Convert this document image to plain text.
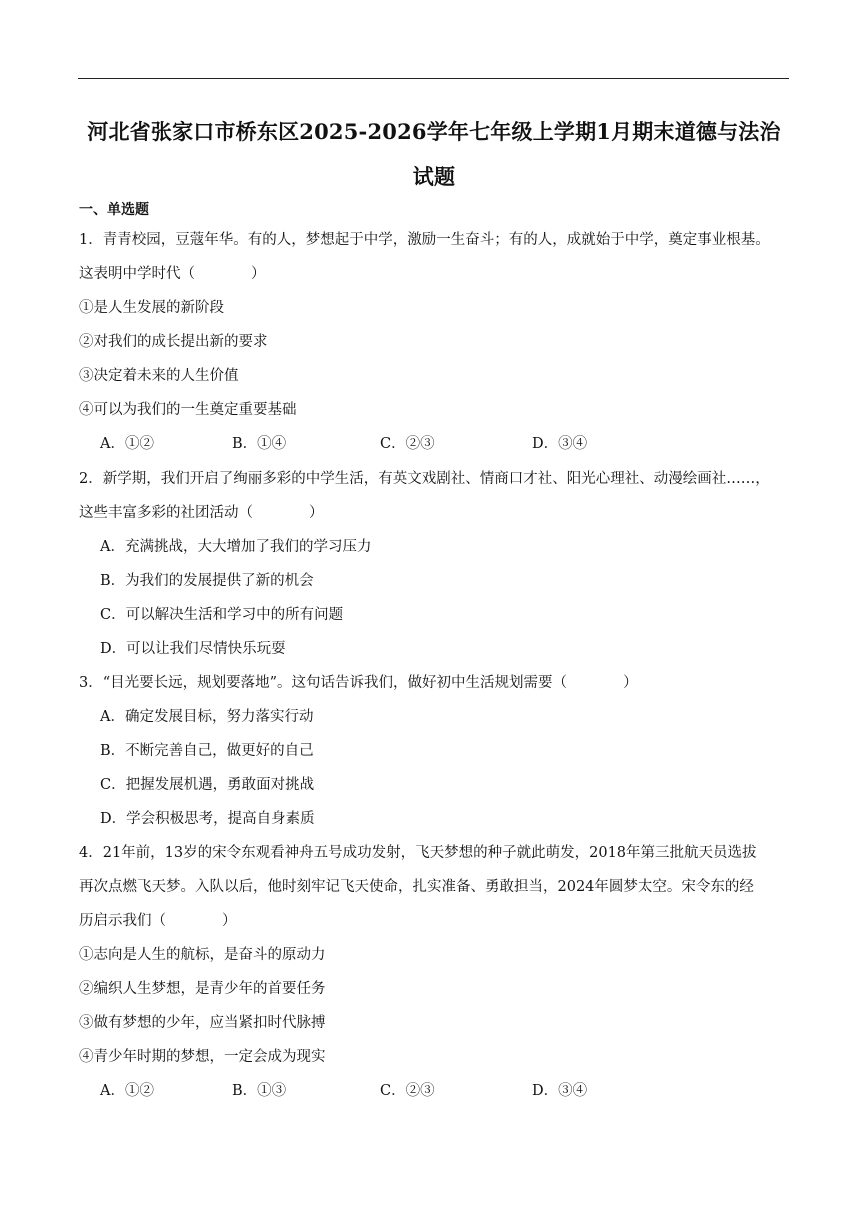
河北省张家口市桥东区2025-2026学年七年级上学期1月期末道德与法治
试题
一、单选题
1．青青校园，豆蔻年华。有的人，梦想起于中学，激励一生奋斗；有的人，成就始于中学，奠定事业根基。
这表明中学时代（	）
①是人生发展的新阶段
②对我们的成长提出新的要求
③决定着未来的人生价值
④可以为我们的一生奠定重要基础
A．①②	B．①④	C．②③	D．③④
2．新学期，我们开启了绚丽多彩的中学生活，有英文戏剧社、情商口才社、阳光心理社、动漫绘画社……，
这些丰富多彩的社团活动（	）
A．充满挑战，大大增加了我们的学习压力
B．为我们的发展提供了新的机会
C．可以解决生活和学习中的所有问题
D．可以让我们尽情快乐玩耍
3．“目光要长远，规划要落地”。这句话告诉我们，做好初中生活规划需要（	）
A．确定发展目标，努力落实行动
B．不断完善自己，做更好的自己
C．把握发展机遇，勇敢面对挑战
D．学会积极思考，提高自身素质
4．21年前，13岁的宋令东观看神舟五号成功发射，飞天梦想的种子就此萌发，2018年第三批航天员选拔
再次点燃飞天梦。入队以后，他时刻牢记飞天使命，扎实准备、勇敢担当，2024年圆梦太空。宋令东的经
历启示我们（	）
①志向是人生的航标，是奋斗的原动力
②编织人生梦想，是青少年的首要任务
③做有梦想的少年，应当紧扣时代脉搏
④青少年时期的梦想，一定会成为现实
A．①②	B．①③	C．②③	D．③④
